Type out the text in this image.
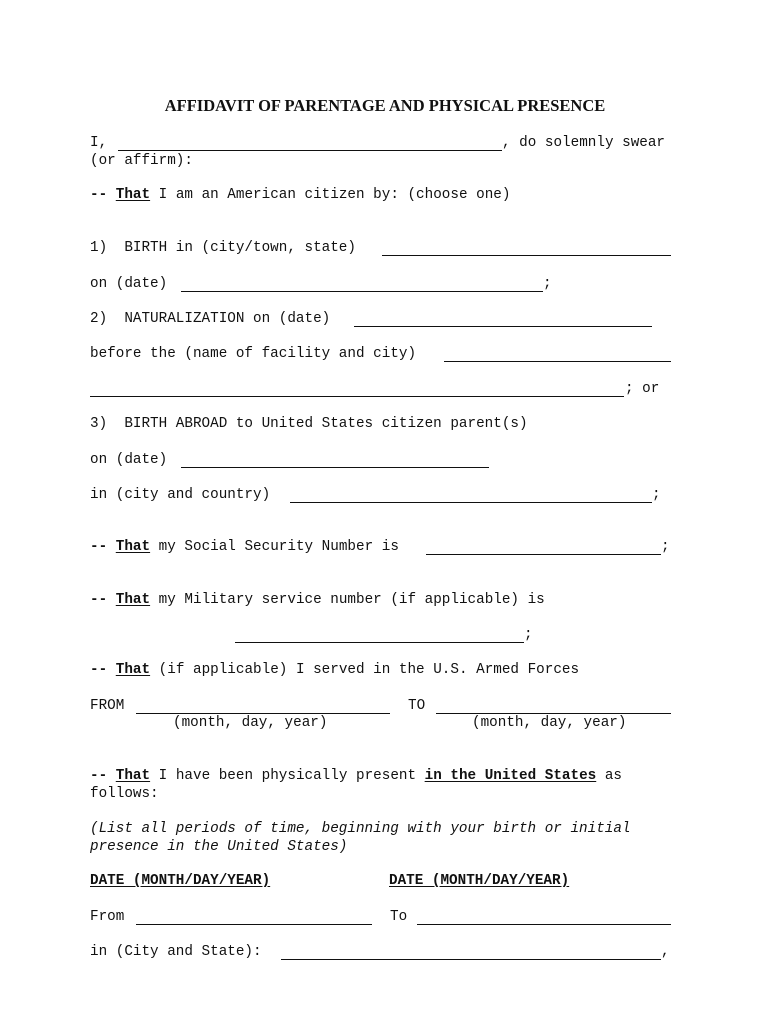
AFFIDAVIT OF PARENTAGE AND PHYSICAL PRESENCE
I,	, do solemnly swear
(or affirm):
-- That I am an American citizen by: (choose one)
1)  BIRTH in (city/town, state)
on (date)	;
2)  NATURALIZATION on (date)
before the (name of facility and city)
; or
3)  BIRTH ABROAD to United States citizen parent(s)
on (date)
in (city and country)	;
-- That my Social Security Number is	;
-- That my Military service number (if applicable) is
;
-- That (if applicable) I served in the U.S. Armed Forces
FROM	TO
(month, day, year)	(month, day, year)
-- That I have been physically present in the United States as
follows:
(List all periods of time, beginning with your birth or initial
presence in the United States)
DATE (MONTH/DAY/YEAR)	DATE (MONTH/DAY/YEAR)
From	To
in (City and State):	,
